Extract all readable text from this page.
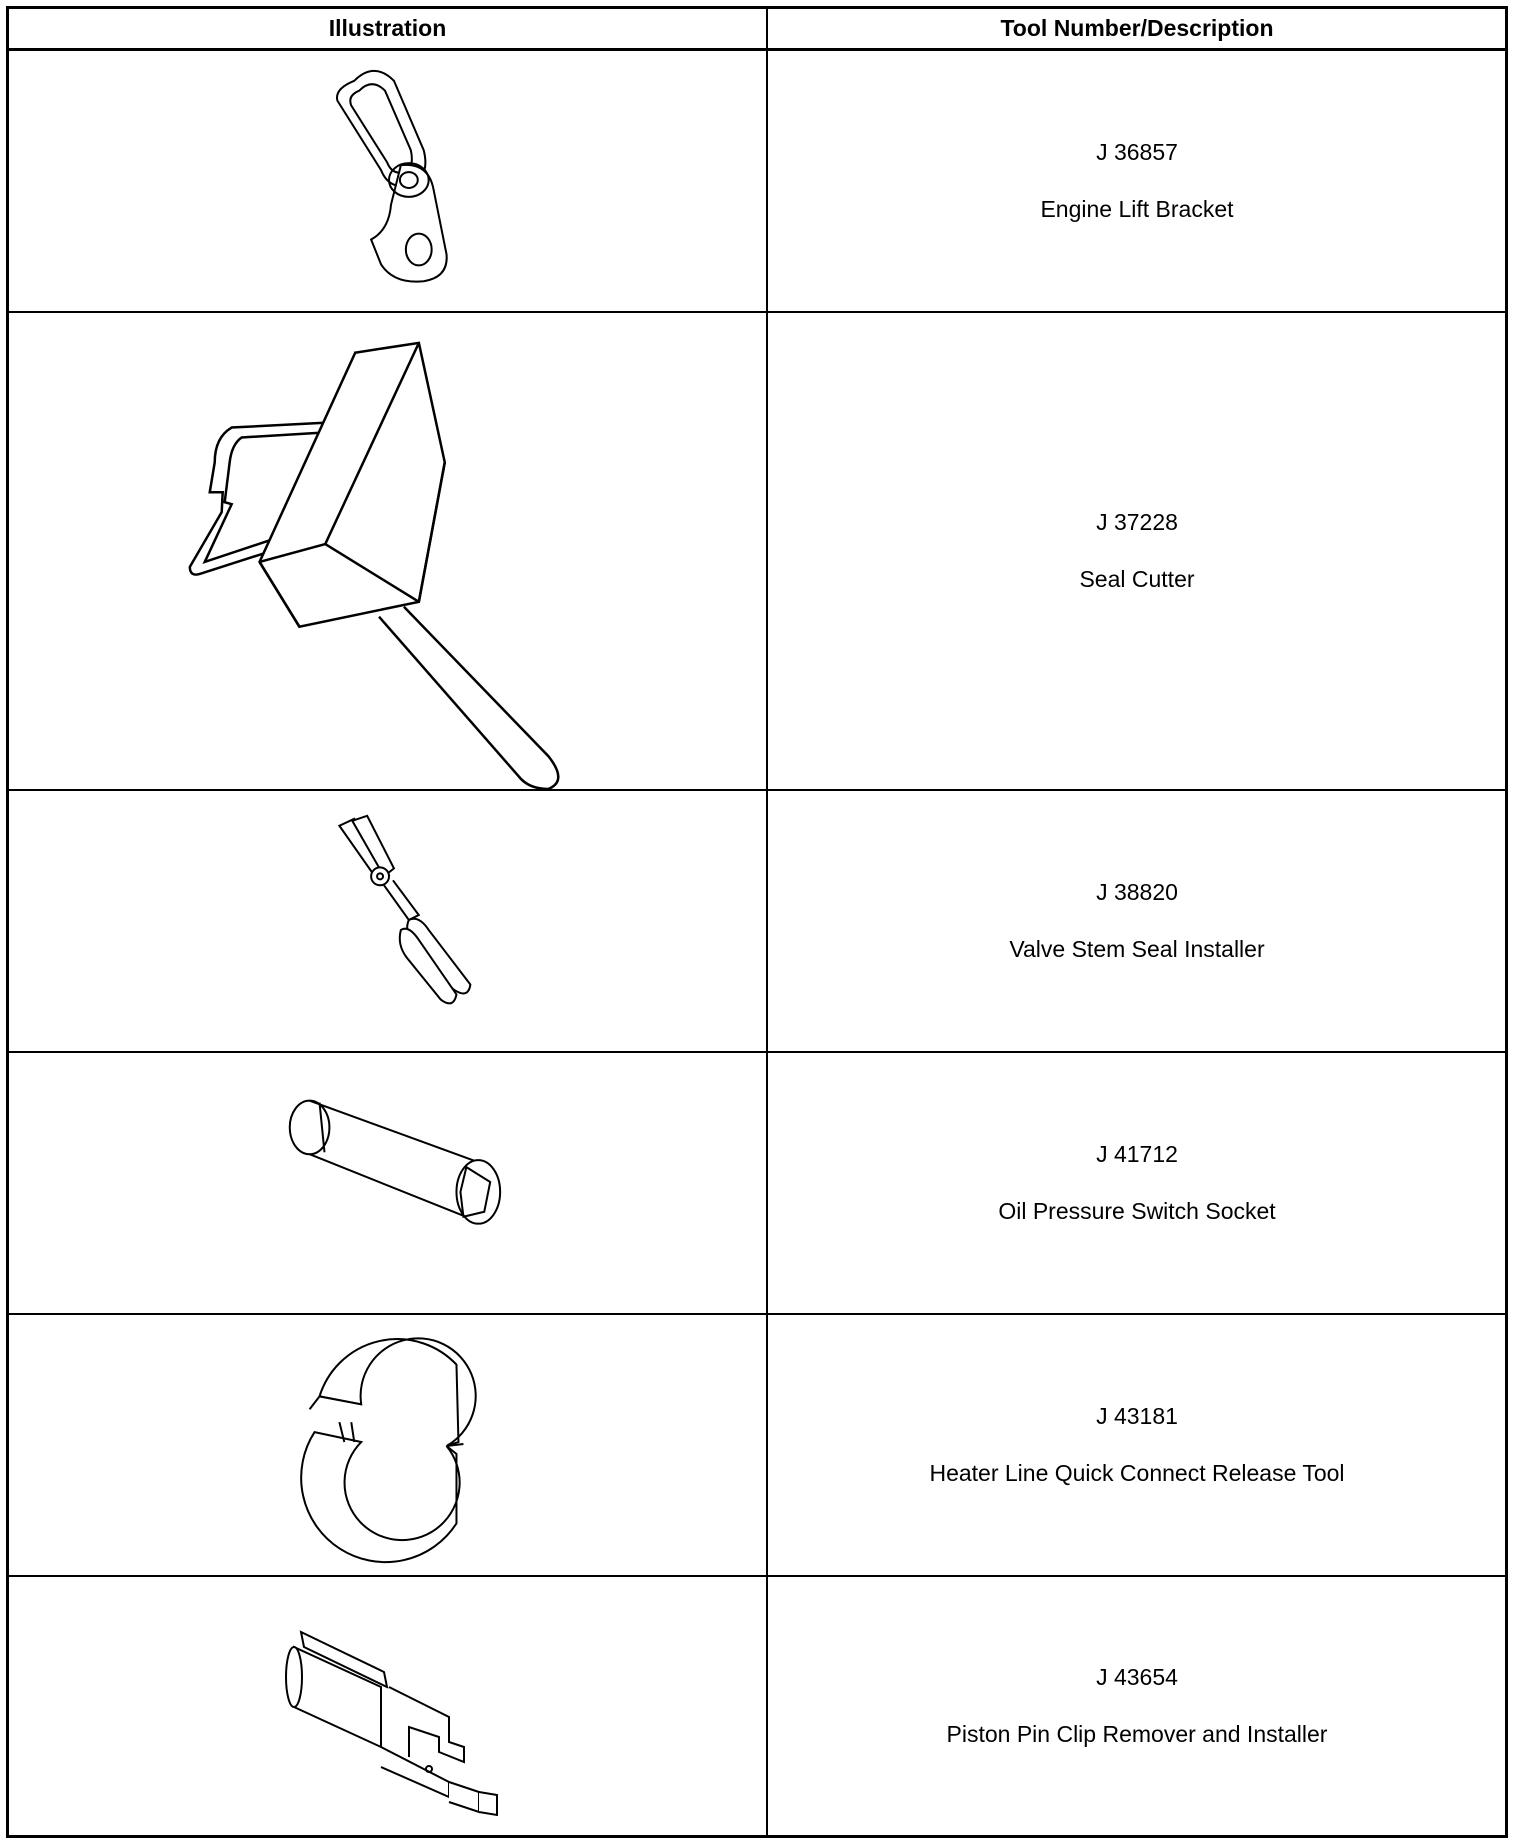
Illustration	Tool Number/Description
J 36857
Engine Lift Bracket
J 37228
Seal Cutter
J 38820
Valve Stem Seal Installer
J 41712
Oil Pressure Switch Socket
J 43181
Heater Line Quick Connect Release Tool
J 43654
Piston Pin Clip Remover and Installer
